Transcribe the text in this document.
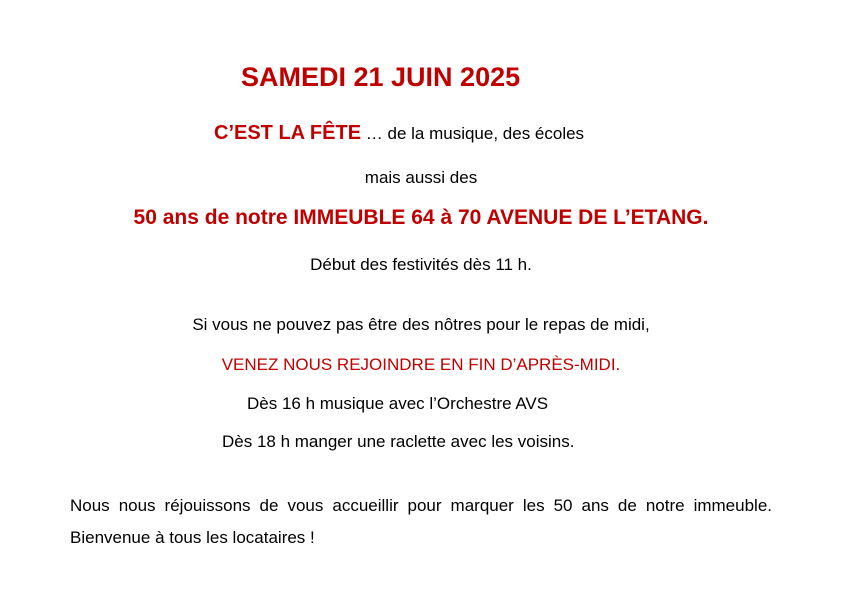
SAMEDI 21 JUIN 2025
C’EST LA FÊTE … de la musique, des écoles
mais aussi des
50 ans de notre IMMEUBLE 64 à 70 AVENUE DE L’ETANG.
Début des festivités dès 11 h.
Si vous ne pouvez pas être des nôtres pour le repas de midi,
VENEZ NOUS REJOINDRE EN FIN D’APRÈS-MIDI.
Dès 16 h musique avec l’Orchestre AVS
Dès 18 h manger une raclette avec les voisins.
Nous nous réjouissons de vous accueillir pour marquer les 50 ans de notre immeuble. Bienvenue à tous les locataires !
